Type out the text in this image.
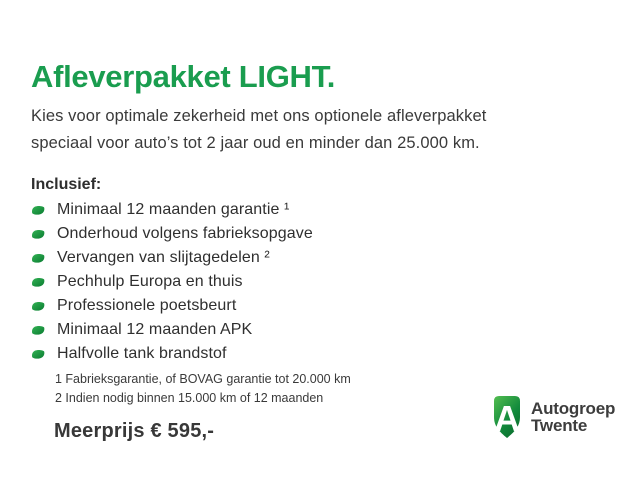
Afleverpakket LIGHT.
Kies voor optimale zekerheid met ons optionele afleverpakket
speciaal voor auto’s tot 2 jaar oud en minder dan 25.000 km.
Inclusief:
Minimaal 12 maanden garantie ¹
Onderhoud volgens fabrieksopgave
Vervangen van slijtagedelen ²
Pechhulp Europa en thuis
Professionele poetsbeurt
Minimaal 12 maanden APK
Halfvolle tank brandstof
1 Fabrieksgarantie, of BOVAG garantie tot 20.000 km
2 Indien nodig binnen 15.000 km of 12 maanden
Meerprijs € 595,-	A Autogroep
Twente
